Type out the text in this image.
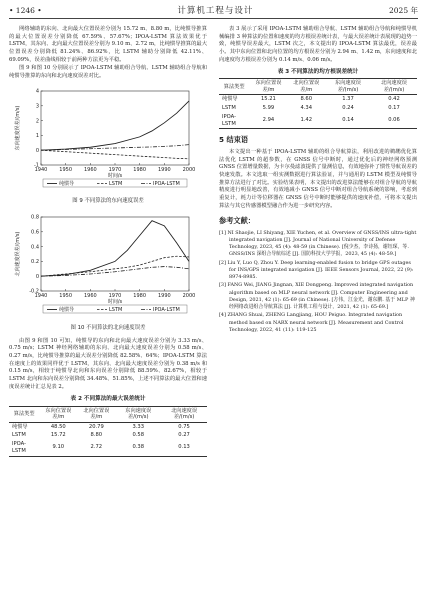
• 1246 •	计算机工程与设计	2025 年

网络辅助的东向、北向最大位置误差分别为 15.72 m、8.80 m，比纯惯导推算的最大位置误差分别降低 67.59%、57.67%；IPOA-LSTM 算法效果优于 LSTM，其东向、北向最大位置误差分别为 9.10 m、2.72 m，比纯惯导推算的最大位置误差分别降低 81.24%、86.92%，比 LSTM 辅助分别降低 42.11%、69.09%，误差曲线相较于前两种方法更为平稳。

图 9 和图 10 分别展示了 IPOA-LSTM 辅助组合导航、LSTM 辅助组合导航和纯惯导推算的东向和北向速度误差对比。

1940 1950 1960 1970 1980 1990 2000
-1
0
1
2
3
4
时间/s
东向速度误差/(m/s)
纯惯导	LSTM	IPOA-LSTM
图 9 不同算法的东向速度误差
1940 1950 1960 1970 1980 1990 2000
-0.2
0
0.2
0.4
0.6
0.8
时间/s
北向速度误差/(m/s)
纯惯导	LSTM	IPOA-LSTM
图 10 不同算法的北向速度误差

由图 9 和图 10 可知，纯惯导的东向和北向最大速度误差分别为 3.33 m/s、0.75 m/s；LSTM 神经网络辅助的东向、北向最大速度误差分别为 0.58 m/s、0.27 m/s，比纯惯导推算的最大误差分别降低 82.58%、64%；IPOA-LSTM 算法在速度上的效果同样优于 LSTM，其东向、北向最大速度误差分别为 0.38 m/s 和 0.15 m/s，相较于纯惯导北向和东向误差分别降低 88.59%、82.67%，相较于 LSTM 北向和东向误差分别降低 34.48%、51.85%，上述不同算法的最大位置和速度误差统计汇总见表 2。

表 2 不同算法的最大误差统计
算法类型	东向位置误差/m	北向位置误差/m	东向速度误差/(m/s)	北向速度误差/(m/s)
纯惯导	48.50	20.79	3.33	0.75
LSTM	15.72	8.80	0.58	0.27
IPOA-LSTM	9.10	2.72	0.38	0.13

表 3 展示了采用 IPOA-LSTM 辅助组合导航、LSTM 辅助组合导航和纯惯导机械编排 3 种算法的位置和速度的均方根误差统计表，与最大误差统计表展现的趋势一致，纯惯导误差最大，LSTM 次之，本文提出的 IPOA-LSTM 算法最优，误差最小。其中东向位置和北向位置的均方根误差分别为 2.94 m、1.42 m，东向速度和北向速度均方根误差分别为 0.14 m/s、0.06 m/s。

表 3 不同算法的均方根误差统计
算法类型	东向位置误差/m	北向位置误差/m	东向速度误差/(m/s)	北向速度误差/(m/s)
纯惯导	15.21	8.60	1.37	0.42
LSTM	5.99	4.34	0.24	0.17
IPOA-LSTM	2.94	1.42	0.14	0.06
5 结束语

本文提出一种基于 IPOA-LSTM 辅助的组合导航算法，利用改进的鹈鹕优化算法优化 LSTM 的超参数，在 GNSS 信号中断时，通过优化后的神经网络预测 GNSS 位置增量数据，为卡尔曼滤波提供了量测信息，有效地弥补了惯性导航误差的快速发散。本文选取一组实测数据进行算法验证，并与通用的 LSTM 模型及纯惯导推算方法进行了对比。实验结果表明，本文提出的改进算法能够在对组合导航的导航精度进行明显地改善，有效地减小 GNSS 信号中断对组合导航系统的影响，考虑到重复计，耗力计等位移器在 GNSS 信号中断时能够提供的速度补偿，可将本文提出算法与其它传感器模型融合作为进一步研究内容。

参考文献：
[1] NI Shaojie, LI Shiyang, XIE Yuchen, et al. Overview of GNSS/INS ultra-tight integrated navigation [J]. Journal of National University of Defense Technology, 2023, 45 (4): 48-59 (in Chinese). [倪少杰，李诗扬，谢钰琛，等. GNSS/INS 深组合导航综述 [J]. 国防科技大学学报，2023, 45 (4): 48-59.]
[2] Liu Y, Luo Q, Zhou Y. Deep learning-enabled fusion to bridge GPS outages for INS/GPS integrated navigation [J]. IEEE Sensors Journal, 2022, 22 (9): 8974-8985.
[3] FANG Wei, JIANG Jingnan, XIE Dongpeng. Improved integrated navigation algorithm based on MLP neural network [J]. Computer Engineering and Design, 2021, 42 (1): 65-69 (in Chinese). [方伟，江金光，谢东鹏. 基于 MLP 神经网络改进组合导航算法 [J]. 计算机工程与设计，2021, 42 (1): 65-69.]
[4] ZHANG Shuai, ZHENG Langjiang, HOU Peiguo. Integrated navigation method based on NARX neural network [J]. Measurement and Control Technology, 2022, 41 (11): 119-125
